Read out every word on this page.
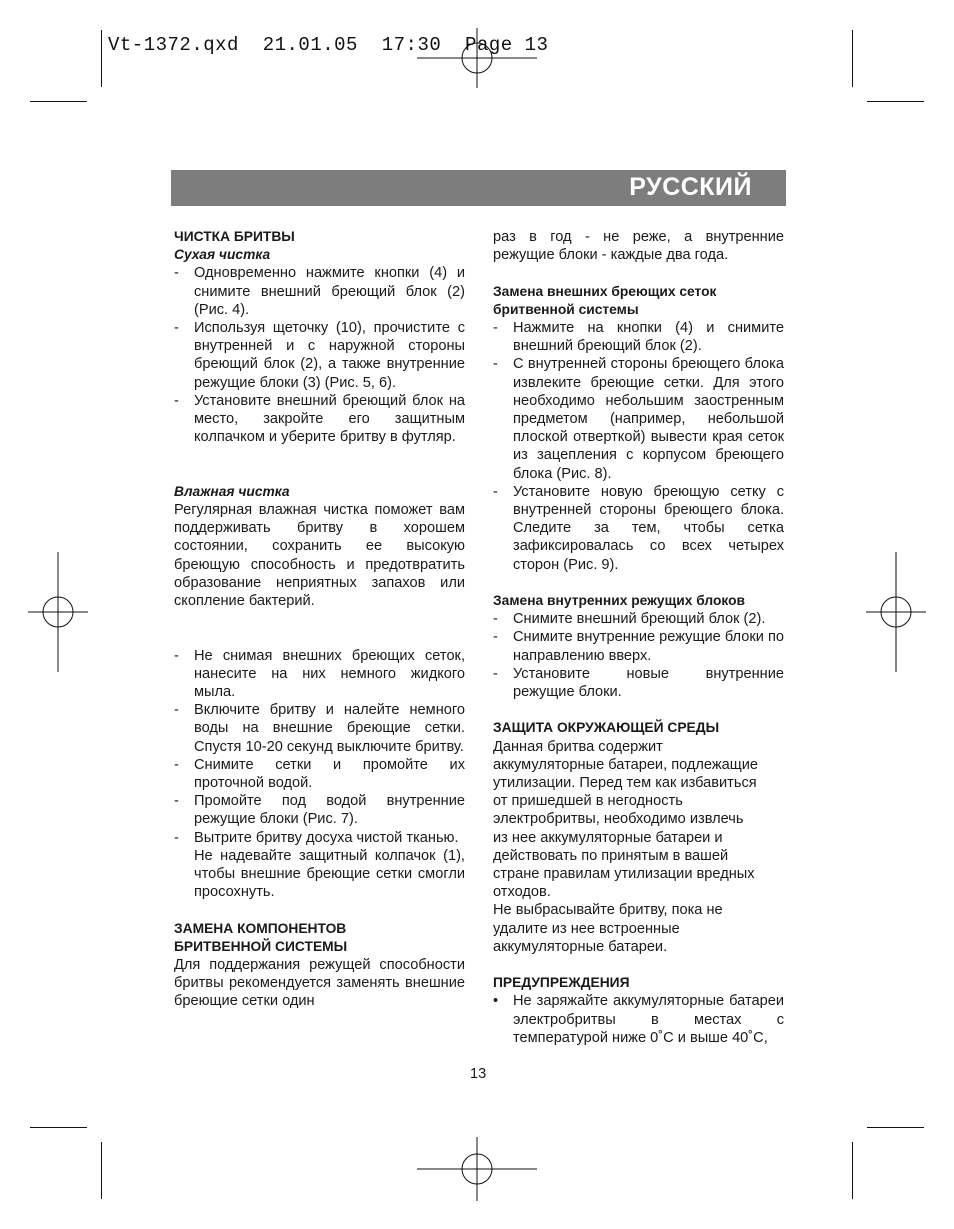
Vt-1372.qxd  21.01.05  17:30  Page 13
РУССКИЙ
ЧИСТКА БРИТВЫ
Сухая чистка
-	Одновременно нажмите кнопки (4) и снимите внешний бреющий блок (2) (Рис. 4).
-	Используя щеточку (10), прочистите с внутренней и с наружной стороны бреющий блок (2), а также внутренние режущие блоки (3) (Рис. 5, 6).
-	Установите внешний бреющий блок на место, закройте его защитным колпачком и уберите бритву в футляр.
Влажная чистка
Регулярная влажная чистка поможет вам поддерживать бритву в хорошем состоянии, сохранить ее высокую бреющую способность и предотвратить образование неприятных запахов или скопление бактерий.
-	Не снимая внешних бреющих сеток, нанесите на них немного жидкого мыла.
-	Включите бритву и налейте немного воды на внешние бреющие сетки. Спустя 10-20 секунд выключите бритву.
-	Снимите сетки и промойте их проточной водой.
-	Промойте под водой внутренние режущие блоки (Рис. 7).
-	Вытрите бритву досуха чистой тканью.
Не надевайте защитный колпачок (1), чтобы внешние бреющие сетки смогли просохнуть.
ЗАМЕНА КОМПОНЕНТОВ
БРИТВЕННОЙ СИСТЕМЫ
Для поддержания режущей способности бритвы рекомендуется заменять внешние бреющие сетки один
раз в год - не реже, а внутренние режущие блоки - каждые два года.
Замена внешних бреющих сеток
бритвенной системы
-	Нажмите на кнопки (4) и снимите внешний бреющий блок (2).
-	С внутренней стороны бреющего блока извлеките бреющие сетки. Для этого необходимо небольшим заостренным предметом (например, небольшой плоской отверткой) вывести края сеток из зацепления с корпусом бреющего блока (Рис. 8).
-	Установите новую бреющую сетку с внутренней стороны бреющего блока. Следите за тем, чтобы сетка зафиксировалась со всех четырех сторон (Рис. 9).
Замена внутренних режущих блоков
-	Снимите внешний бреющий блок (2).
-	Снимите внутренние режущие блоки по направлению вверх.
-	Установите новые внутренние режущие блоки.
ЗАЩИТА ОКРУЖАЮЩЕЙ СРЕДЫ
Данная бритва содержит
аккумуляторные батареи, подлежащие
утилизации. Перед тем как избавиться
от пришедшей в негодность
электробритвы, необходимо извлечь
из нее аккумуляторные батареи и
действовать по принятым в вашей
стране правилам утилизации вредных
отходов.
Не выбрасывайте бритву, пока не
удалите из нее встроенные
аккумуляторные батареи.
ПРЕДУПРЕЖДЕНИЯ
•	Не заряжайте аккумуляторные батареи электробритвы в местах с температурой ниже 0˚С и выше 40˚С,
13
